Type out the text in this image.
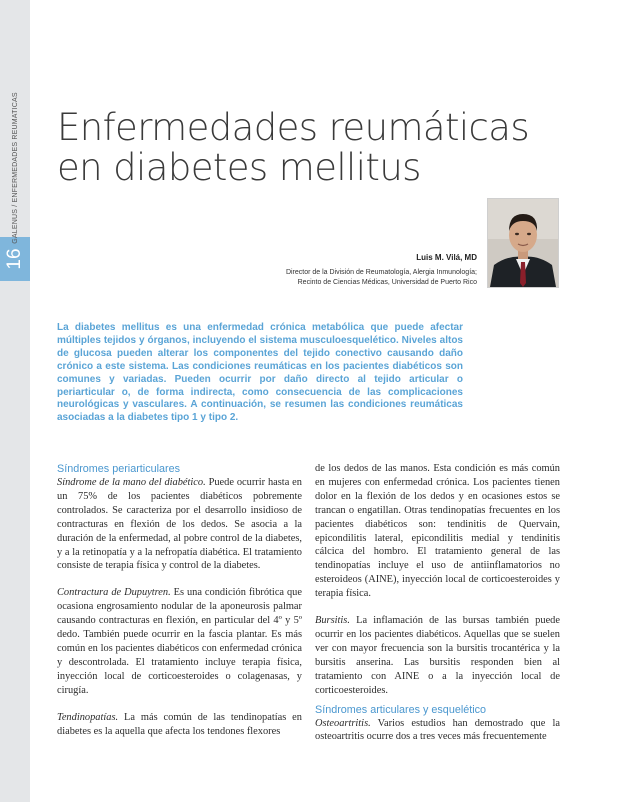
16
GALENUS / ENFERMEDADES REUMATICAS Enfermedades reumáticas
en diabetes mellitus
Luis M. Vilá, MD
Director de la División de Reumatología, Alergia Inmunología;
Recinto de Ciencias Médicas, Universidad de Puerto Rico
La diabetes mellitus es una enfermedad crónica metabólica que puede afectar múltiples tejidos y órganos, incluyendo el sistema musculoesquelético. Niveles altos de glucosa pueden alterar los componentes del tejido conectivo causando daño crónico a este sistema. Las condiciones reumáticas en los pacientes diabéticos son comunes y variadas. Pueden ocurrir por daño directo al tejido articular o periarticular o, de forma indirecta, como consecuencia de las complicaciones neurológicas y vasculares. A continuación, se resumen las condiciones reumáticas asociadas a la diabetes tipo 1 y tipo 2.
Síndromes periarticulares

Síndrome de la mano del diabético. Puede ocurrir hasta en un 75% de los pacientes diabéticos pobremente controlados. Se caracteriza por el desarrollo insidioso de contracturas en flexión de los dedos. Se asocia a la duración de la enfermedad, al pobre control de la diabetes, y a la retinopatía y a la nefropatía diabética. El tratamiento consiste de terapia física y control de la diabetes.

Contractura de Dupuytren. Es una condición fibrótica que ocasiona engrosamiento nodular de la aponeurosis palmar causando contracturas en flexión, en particular del 4º y 5º dedo. También puede ocurrir en la fascia plantar. Es más común en los pacientes diabéticos con enfermedad crónica y descontrolada. El tratamiento incluye terapia física, inyección local de corticoesteroides o colagenasas, y cirugía.

Tendinopatías. La más común de las tendinopatías en diabetes es la aquella que afecta los tendones flexores

de los dedos de las manos. Esta condición es más común en mujeres con enfermedad crónica. Los pacientes tienen dolor en la flexión de los dedos y en ocasiones estos se trancan o engatillan. Otras tendinopatías frecuentes en los pacientes diabéticos son: tendinitis de Quervain, epicondilitis lateral, epicondilitis medial y tendinitis cálcica del hombro. El tratamiento general de las tendinopatías incluye el uso de antiinflamatorios no esteroideos (AINE), inyección local de corticoesteroides y terapia física.

Bursitis. La inflamación de las bursas también puede ocurrir en los pacientes diabéticos. Aquellas que se suelen ver con mayor frecuencia son la bursitis trocantérica y la bursitis anserina. Las bursitis responden bien al tratamiento con AINE o a la inyección local de corticoesteroides.

Síndromes articulares y esquelético

Osteoartritis. Varios estudios han demostrado que la osteoartritis ocurre dos a tres veces más frecuentemente
